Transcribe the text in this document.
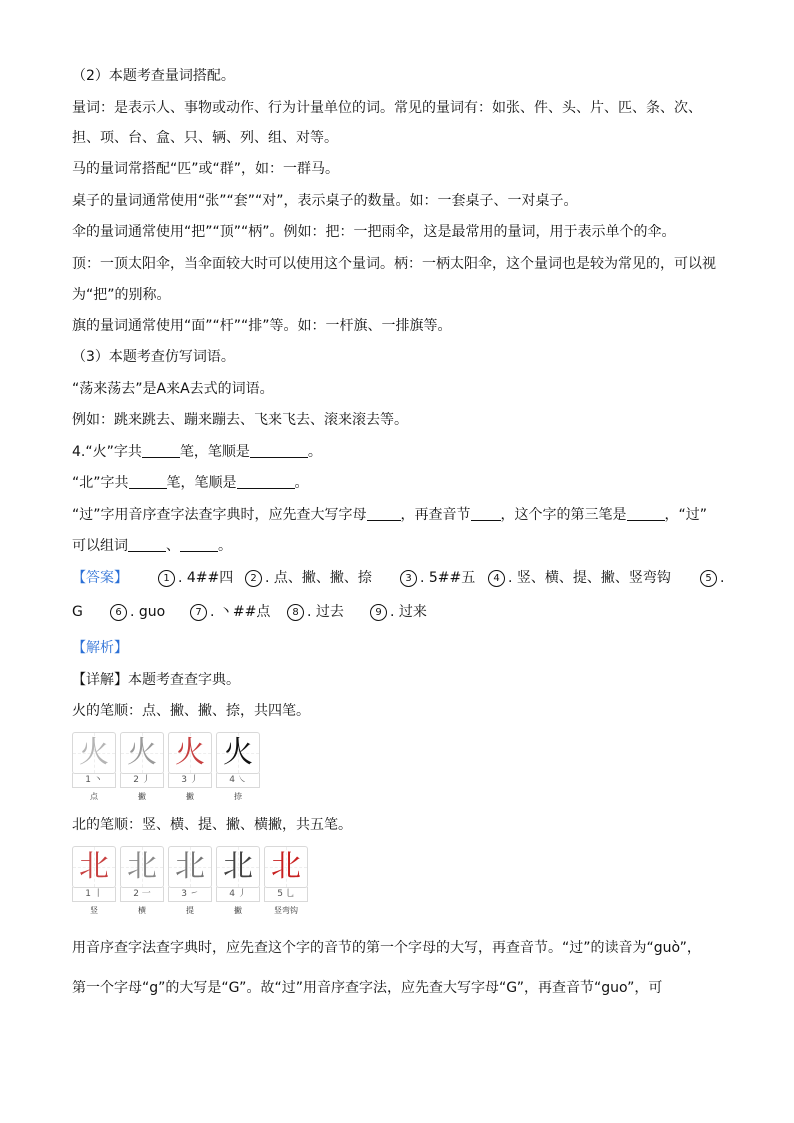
（2）本题考查量词搭配。
量词：是表示人、事物或动作、行为计量单位的词。常见的量词有：如张、件、头、片、匹、条、次、
担、项、台、盒、只、辆、列、组、对等。
马的量词常搭配“匹”或“群”，如：一群马。
桌子的量词通常使用“张”“套”“对”，表示桌子的数量。如：一套桌子、一对桌子。
伞的量词通常使用“把”“顶”“柄”。例如：把：一把雨伞，这是最常用的量词，用于表示单个的伞。
顶：一顶太阳伞，当伞面较大时可以使用这个量词。柄：一柄太阳伞，这个量词也是较为常见的，可以视
为“把”的别称。
旗的量词通常使用“面”“杆”“排”等。如：一杆旗、一排旗等。
（3）本题考查仿写词语。
“荡来荡去”是A来A去式的词语。
例如：跳来跳去、蹦来蹦去、飞来飞去、滚来滚去等。
4.“火”字共	笔，笔顺是	。
“北”字共	笔，笔顺是	。
“过”字用音序查字法查字典时，应先查大写字母 ，再查音节 ，这个字的第三笔是	，“过”
可以组词	、	。
【答案】	1 . 4##四	2 . 点、撇、撇、捺	3 . 5##五	4 . 竖、横、提、撇、竖弯钩	5 .
G	6 . guo	7 . 丶##点	8 . 过去	9 . 过来
【解析】
【详解】本题考查查字典。
火的笔顺：点、撇、撇、捺，共四笔。
火
1 丶
点
火
2 丿
撇
火
3 丿
撇
火
4 ㇏
捺
北的笔顺：竖、横、提、撇、横撇，共五笔。
北
1 丨
竖
北
2 一
横
北
3 ㇀
提
北
4 丿
撇
北
5 乚
竖弯钩
用音序查字法查字典时，应先查这个字的音节的第一个字母的大写，再查音节。“过”的读音为“guò”，
第一个字母“g”的大写是“G”。故“过”用音序查字法，应先查大写字母“G”，再查音节“guo”，可
